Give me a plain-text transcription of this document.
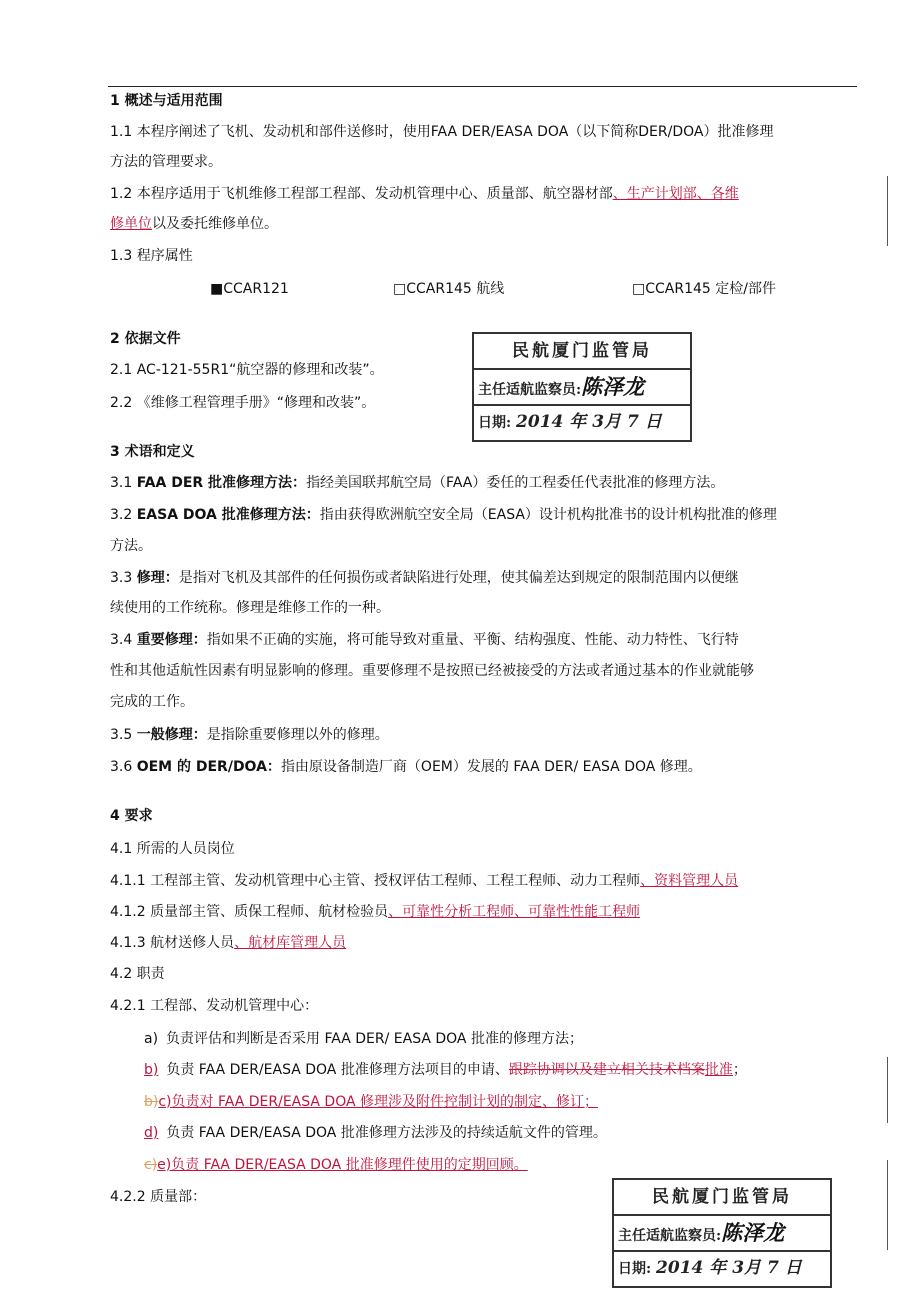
1 概述与适用范围
1.1 本程序阐述了飞机、发动机和部件送修时，使用FAA DER/EASA DOA（以下简称DER/DOA）批准修理
方法的管理要求。
1.2 本程序适用于飞机维修工程部工程部、发动机管理中心、质量部、航空器材部、生产计划部、各维
修单位以及委托维修单位。
1.3 程序属性
■CCAR121	□CCAR145 航线	□CCAR145 定检/部件
2 依据文件
2.1 AC-121-55R1“航空器的修理和改装”。
2.2 《维修工程管理手册》“修理和改装”。
3 术语和定义
3.1 FAA DER 批准修理方法：指经美国联邦航空局（FAA）委任的工程委任代表批准的修理方法。
3.2 EASA DOA 批准修理方法：指由获得欧洲航空安全局（EASA）设计机构批准书的设计机构批准的修理
方法。
3.3 修理：是指对飞机及其部件的任何损伤或者缺陷进行处理，使其偏差达到规定的限制范围内以便继
续使用的工作统称。修理是维修工作的一种。
3.4 重要修理：指如果不正确的实施，将可能导致对重量、平衡、结构强度、性能、动力特性、飞行特
性和其他适航性因素有明显影响的修理。重要修理不是按照已经被接受的方法或者通过基本的作业就能够
完成的工作。
3.5 一般修理：是指除重要修理以外的修理。
3.6 OEM 的 DER/DOA：指由原设备制造厂商（OEM）发展的 FAA DER/ EASA DOA 修理。
4 要求
4.1 所需的人员岗位
4.1.1 工程部主管、发动机管理中心主管、授权评估工程师、工程工程师、动力工程师、资料管理人员
4.1.2 质量部主管、质保工程师、航材检验员、可靠性分析工程师、可靠性性能工程师
4.1.3 航材送修人员、航材库管理人员
4.2 职责
4.2.1 工程部、发动机管理中心：
a) 负责评估和判断是否采用 FAA DER/ EASA DOA 批准的修理方法；
b) 负责 FAA DER/EASA DOA 批准修理方法项目的申请、跟踪协调以及建立相关技术档案批准；
b)c)负责对 FAA DER/EASA DOA 修理涉及附件控制计划的制定、修订；
d) 负责 FAA DER/EASA DOA 批准修理方法涉及的持续适航文件的管理。
c)e)负责 FAA DER/EASA DOA 批准修理件使用的定期回顾。
4.2.2 质量部：
民航厦门监管局
主任适航监察员:陈泽龙
日期: 2014 年 3月 7 日
民航厦门监管局
主任适航监察员:陈泽龙
日期: 2014 年 3月 7 日
